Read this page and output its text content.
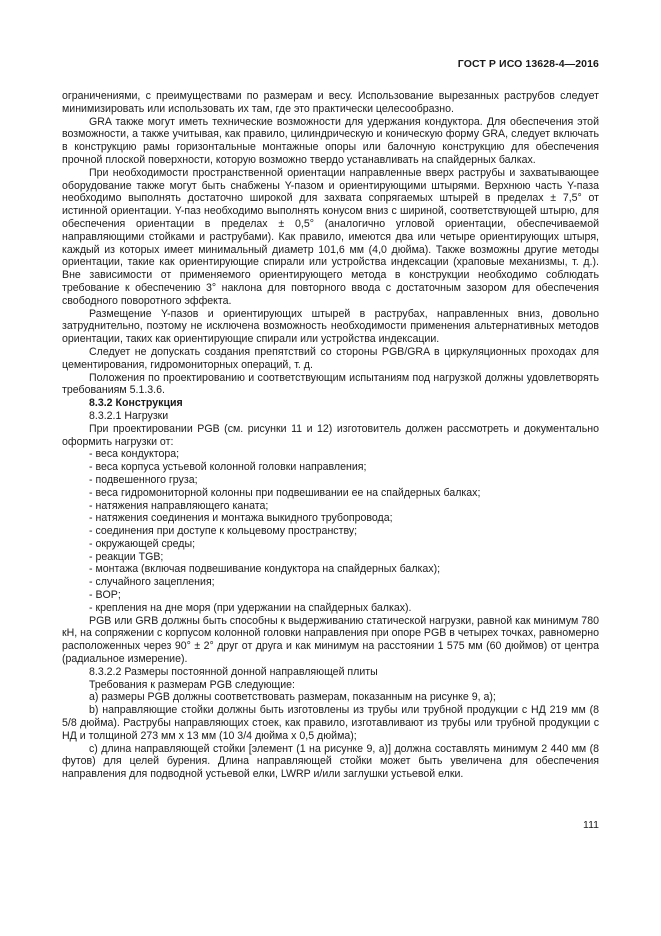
ГОСТ Р ИСО 13628-4—2016

ограничениями, с преимуществами по размерам и весу. Использование вырезанных раструбов следует минимизировать или использовать их там, где это практически целесообразно.

GRA также могут иметь технические возможности для удержания кондуктора. Для обеспечения этой возможности, а также учитывая, как правило, цилиндрическую и коническую форму GRA, следует включать в конструкцию рамы горизонтальные монтажные опоры или балочную конструкцию для обеспечения прочной плоской поверхности, которую возможно твердо устанавливать на спайдерных балках.

При необходимости пространственной ориентации направленные вверх раструбы и захватывающее оборудование также могут быть снабжены Y-пазом и ориентирующими штырями. Верхнюю часть Y-паза необходимо выполнять достаточно широкой для захвата сопрягаемых штырей в пределах ± 7,5° от истинной ориентации. Y-паз необходимо выполнять конусом вниз с шириной, соответствующей штырю, для обеспечения ориентации в пределах ± 0,5° (аналогично угловой ориентации, обеспечиваемой направляющими стойками и раструбами). Как правило, имеются два или четыре ориентирующих штыря, каждый из которых имеет минимальный диаметр 101,6 мм (4,0 дюйма). Также возможны другие методы ориентации, такие как ориентирующие спирали или устройства индексации (храповые механизмы, т. д.). Вне зависимости от применяемого ориентирующего метода в конструкции необходимо соблюдать требование к обеспечению 3° наклона для повторного ввода с достаточным зазором для обеспечения свободного поворотного эффекта.

Размещение Y-пазов и ориентирующих штырей в раструбах, направленных вниз, довольно затруднительно, поэтому не исключена возможность необходимости применения альтернативных методов ориентации, таких как ориентирующие спирали или устройства индексации.

Следует не допускать создания препятствий со стороны PGB/GRA в циркуляционных проходах для цементирования, гидромониторных операций, т. д.

Положения по проектированию и соответствующим испытаниям под нагрузкой должны удовлетворять требованиям 5.1.3.6.

8.3.2 Конструкция

8.3.2.1 Нагрузки

При проектировании PGB (см. рисунки 11 и 12) изготовитель должен рассмотреть и документально оформить нагрузки от:

- веса кондуктора;

- веса корпуса устьевой колонной головки направления;

- подвешенного груза;

- веса гидромониторной колонны при подвешивании ее на спайдерных балках;

- натяжения направляющего каната;

- натяжения соединения и монтажа выкидного трубопровода;

- соединения при доступе к кольцевому пространству;

- окружающей среды;

- реакции TGB;

- монтажа (включая подвешивание кондуктора на спайдерных балках);

- случайного зацепления;

- BOP;

- крепления на дне моря (при удержании на спайдерных балках).

PGB или GRB должны быть способны к выдерживанию статической нагрузки, равной как минимум 780 кН, на сопряжении с корпусом колонной головки направления при опоре PGB в четырех точках, равномерно расположенных через 90° ± 2° друг от друга и как минимум на расстоянии 1 575 мм (60 дюймов) от центра (радиальное измерение).

8.3.2.2 Размеры постоянной донной направляющей плиты

Требования к размерам PGB следующие:

a) размеры PGB должны соответствовать размерам, показанным на рисунке 9, a);

b) направляющие стойки должны быть изготовлены из трубы или трубной продукции с НД 219 мм (8 5/8 дюйма). Раструбы направляющих стоек, как правило, изготавливают из трубы или трубной продукции с НД и толщиной 273 мм х 13 мм (10 3/4 дюйма х 0,5 дюйма);

c) длина направляющей стойки [элемент (1 на рисунке 9, a)] должна составлять минимум 2 440 мм (8 футов) для целей бурения. Длина направляющей стойки может быть увеличена для обеспечения направления для подводной устьевой елки, LWRP и/или заглушки устьевой елки.

111
